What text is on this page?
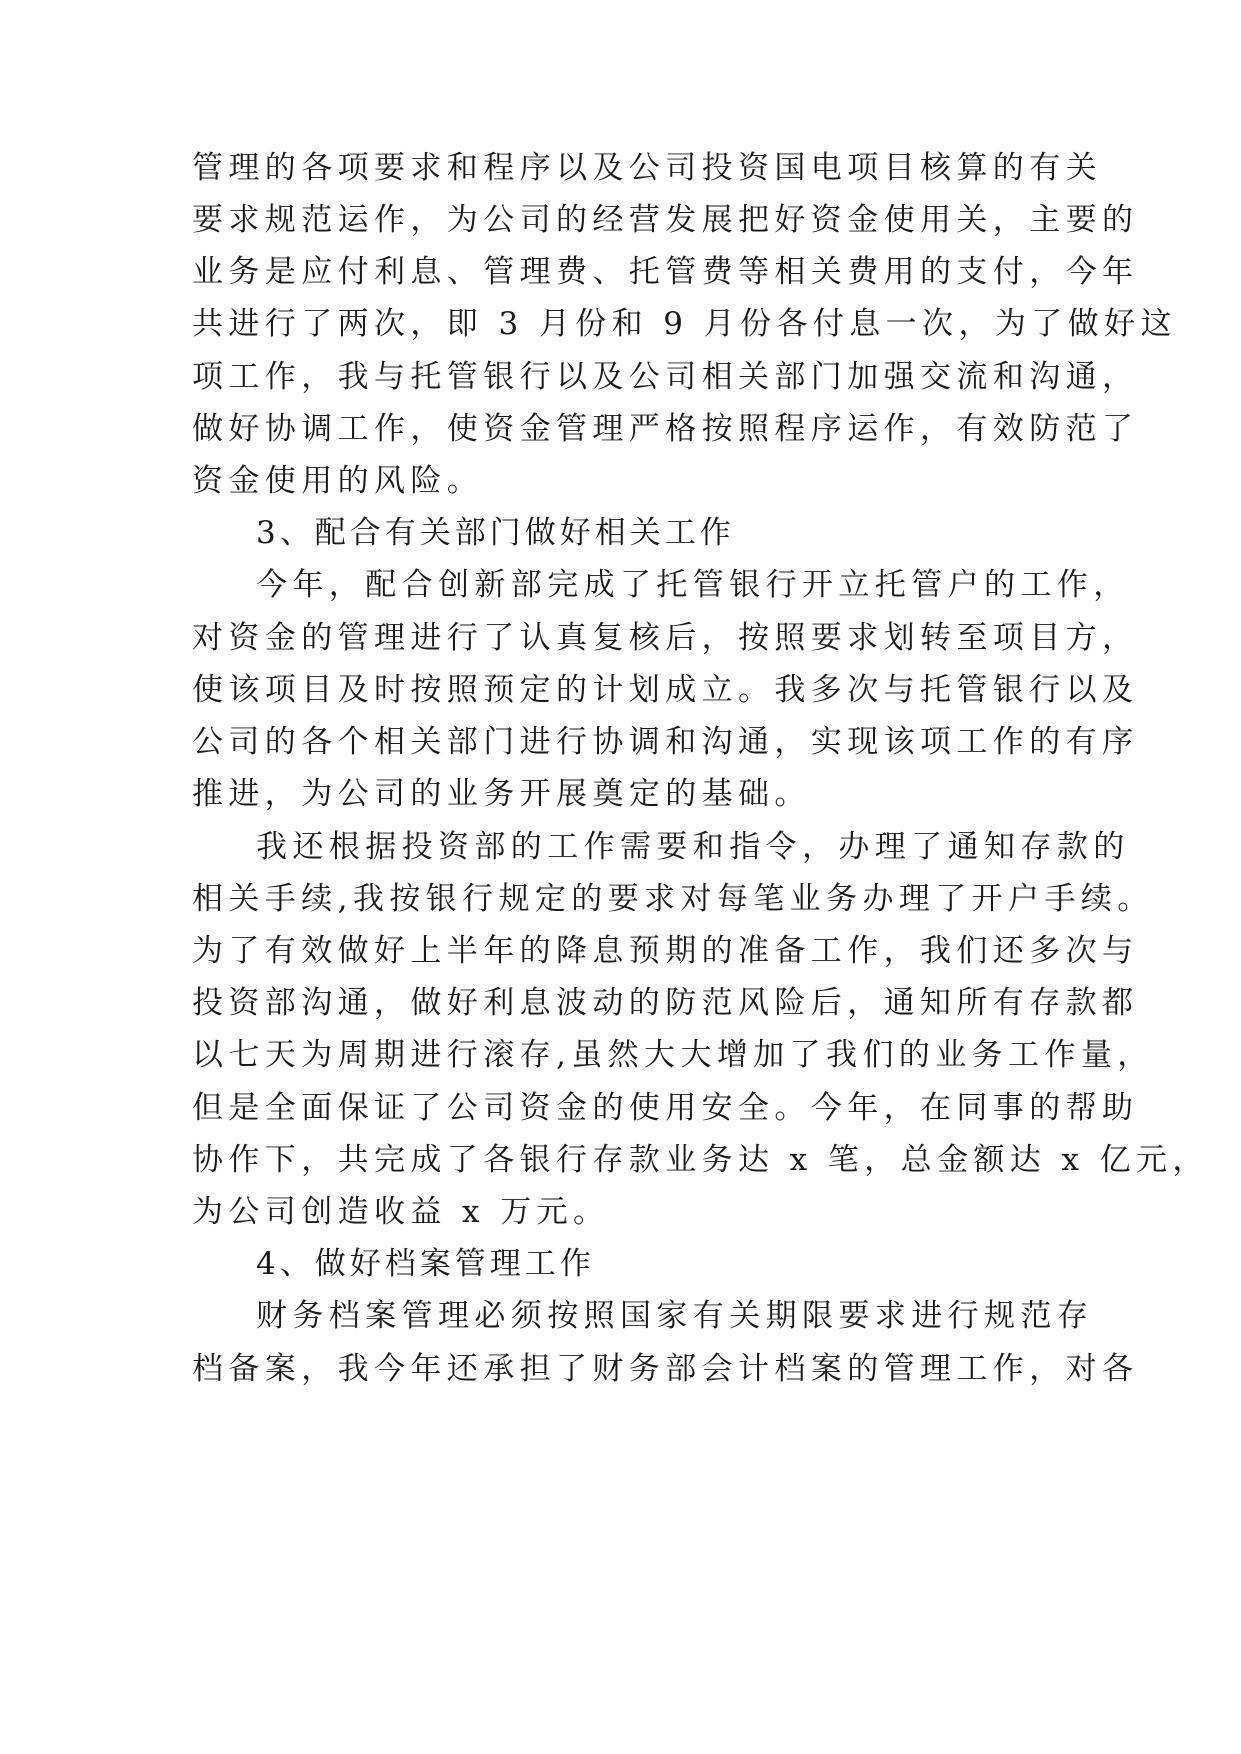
管理的各项要求和程序以及公司投资国电项目核算的有关
要求规范运作，为公司的经营发展把好资金使用关，主要的
业务是应付利息、管理费、托管费等相关费用的支付，今年
共进行了两次，即 3 月份和 9 月份各付息一次，为了做好这
项工作，我与托管银行以及公司相关部门加强交流和沟通，
做好协调工作，使资金管理严格按照程序运作，有效防范了
资金使用的风险。
3、配合有关部门做好相关工作
今年，配合创新部完成了托管银行开立托管户的工作，
对资金的管理进行了认真复核后，按照要求划转至项目方，
使该项目及时按照预定的计划成立。我多次与托管银行以及
公司的各个相关部门进行协调和沟通，实现该项工作的有序
推进，为公司的业务开展奠定的基础。
我还根据投资部的工作需要和指令，办理了通知存款的
相关手续,我按银行规定的要求对每笔业务办理了开户手续。
为了有效做好上半年的降息预期的准备工作，我们还多次与
投资部沟通，做好利息波动的防范风险后，通知所有存款都
以七天为周期进行滚存,虽然大大增加了我们的业务工作量，
但是全面保证了公司资金的使用安全。今年，在同事的帮助
协作下，共完成了各银行存款业务达 x 笔，总金额达 x 亿元，
为公司创造收益 x 万元。
4、做好档案管理工作
财务档案管理必须按照国家有关期限要求进行规范存
档备案，我今年还承担了财务部会计档案的管理工作，对各
